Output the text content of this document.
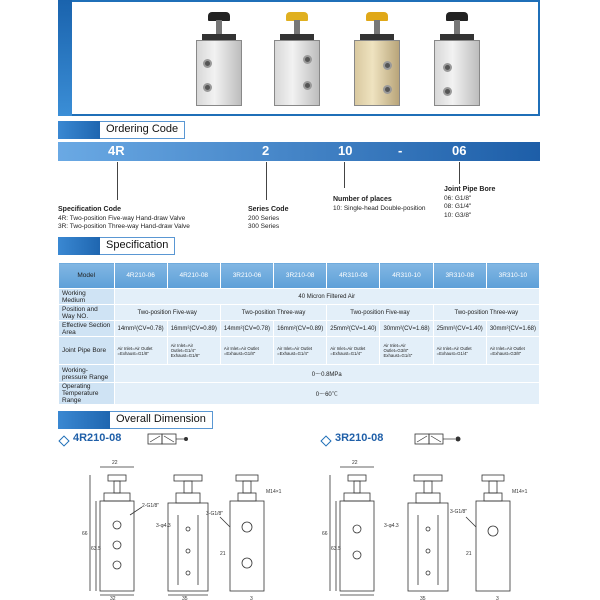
Ordering Code
4R	2	10	-	06
Specification Code
4R: Two-position Five-way Hand-draw Valve
3R: Two-position Three-way Hand-draw Valve
Series Code
200 Series
300 Series
Number of places
10: Single-head Double-position
Joint Pipe Bore
06: G1/8"
08: G1/4"
10: G3/8"
Specification
Model	4R210-06	4R210-08	3R210-06	3R210-08	4R310-08	4R310-10	3R310-08	3R310-10
Working Medium	40 Micron Filtered Air							
Position and Way NO.	Two-position Five-way		Two-position Three-way		Two-position Five-way		Two-position Three-way	
Effective Section Area	14mm²(CV=0.78)	16mm²(CV=0.89)	14mm²(CV=0.78)	16mm²(CV=0.89)	25mm²(CV=1.40)	30mm²(CV=1.68)	25mm²(CV=1.40)	30mm²(CV=1.68)
Joint Pipe Bore	Air Inlet=Air Outlet =Exhaust=G1/8"	Air Inlet=Air Outlet=G1/4" Exhaust=G1/8"	Air Inlet=Air Outlet =Exhaust=G1/8"	Air Inlet=Air Outlet =Exhaust=G1/4"	Air Inlet=Air Outlet =Exhaust=G1/4"	Air Inlet=Air Outlet=G3/8" Exhaust=G1/4"	Air Inlet=Air Outlet =Exhaust=G1/4"	Air Inlet=Air Outlet =Exhaust=G3/8"
Working-pressure Range	0～0.8MPa							
Operating Temperature Range	0～60℃							
Overall Dimension
4R210-08	3R210-08
22
2-G1/8"
66
63.5
32
3-φ4.3
35
M14×1
3-G1/8"
21
3
22
66
63.5
3-φ4.3
35
M14×1
3-G1/8"
21
3
